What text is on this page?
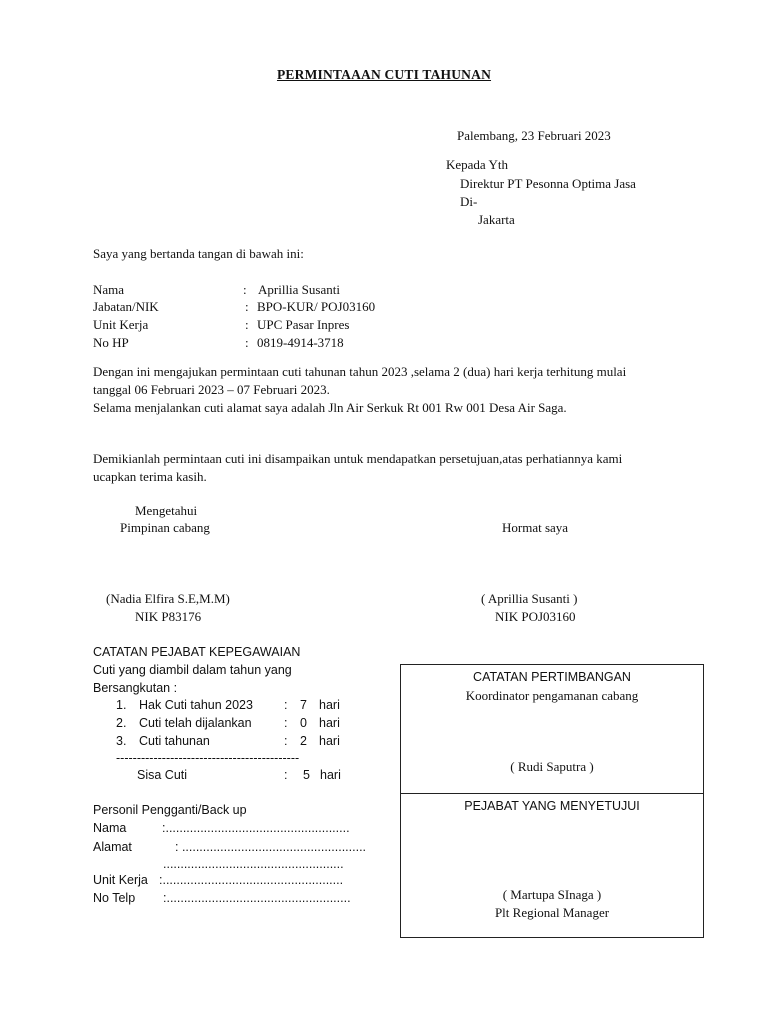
PERMINTAAAN CUTI TAHUNAN
Palembang, 23 Februari 2023
Kepada Yth
Direktur PT Pesonna Optima Jasa
Di-
Jakarta
Saya yang bertanda tangan di bawah ini:
Nama	: Aprillia Susanti
Jabatan/NIK	: BPO-KUR/ POJ03160
Unit Kerja	: UPC Pasar Inpres
No HP	: 0819-4914-3718
Dengan ini mengajukan permintaan cuti tahunan tahun 2023 ,selama 2 (dua) hari kerja terhitung mulai
tanggal 06 Februari 2023 – 07 Februari 2023.
Selama menjalankan cuti alamat saya adalah Jln Air Serkuk Rt 001 Rw 001 Desa Air Saga.
Demikianlah permintaan cuti ini disampaikan untuk mendapatkan persetujuan,atas perhatiannya kami
ucapkan terima kasih.
Mengetahui
Pimpinan cabang	Hormat saya
(Nadia Elfira S.E,M.M)
NIK P83176
( Aprillia Susanti )
NIK POJ03160
CATATAN PEJABAT KEPEGAWAIAN
Cuti yang diambil dalam tahun yang
Bersangkutan :
1. Hak Cuti tahun 2023 : 7 hari
2. Cuti telah dijalankan	: 0 hari
3. Cuti tahunan	: 2 hari
--------------------------------------------
Sisa Cuti	: 5 hari
Personil Pengganti/Back up
Nama	:.....................................................
Alamat	: .....................................................
....................................................
Unit Kerja :....................................................
No Telp :.....................................................
CATATAN PERTIMBANGAN
Koordinator pengamanan cabang
( Rudi Saputra )
PEJABAT YANG MENYETUJUI
( Martupa SInaga )
Plt Regional Manager
